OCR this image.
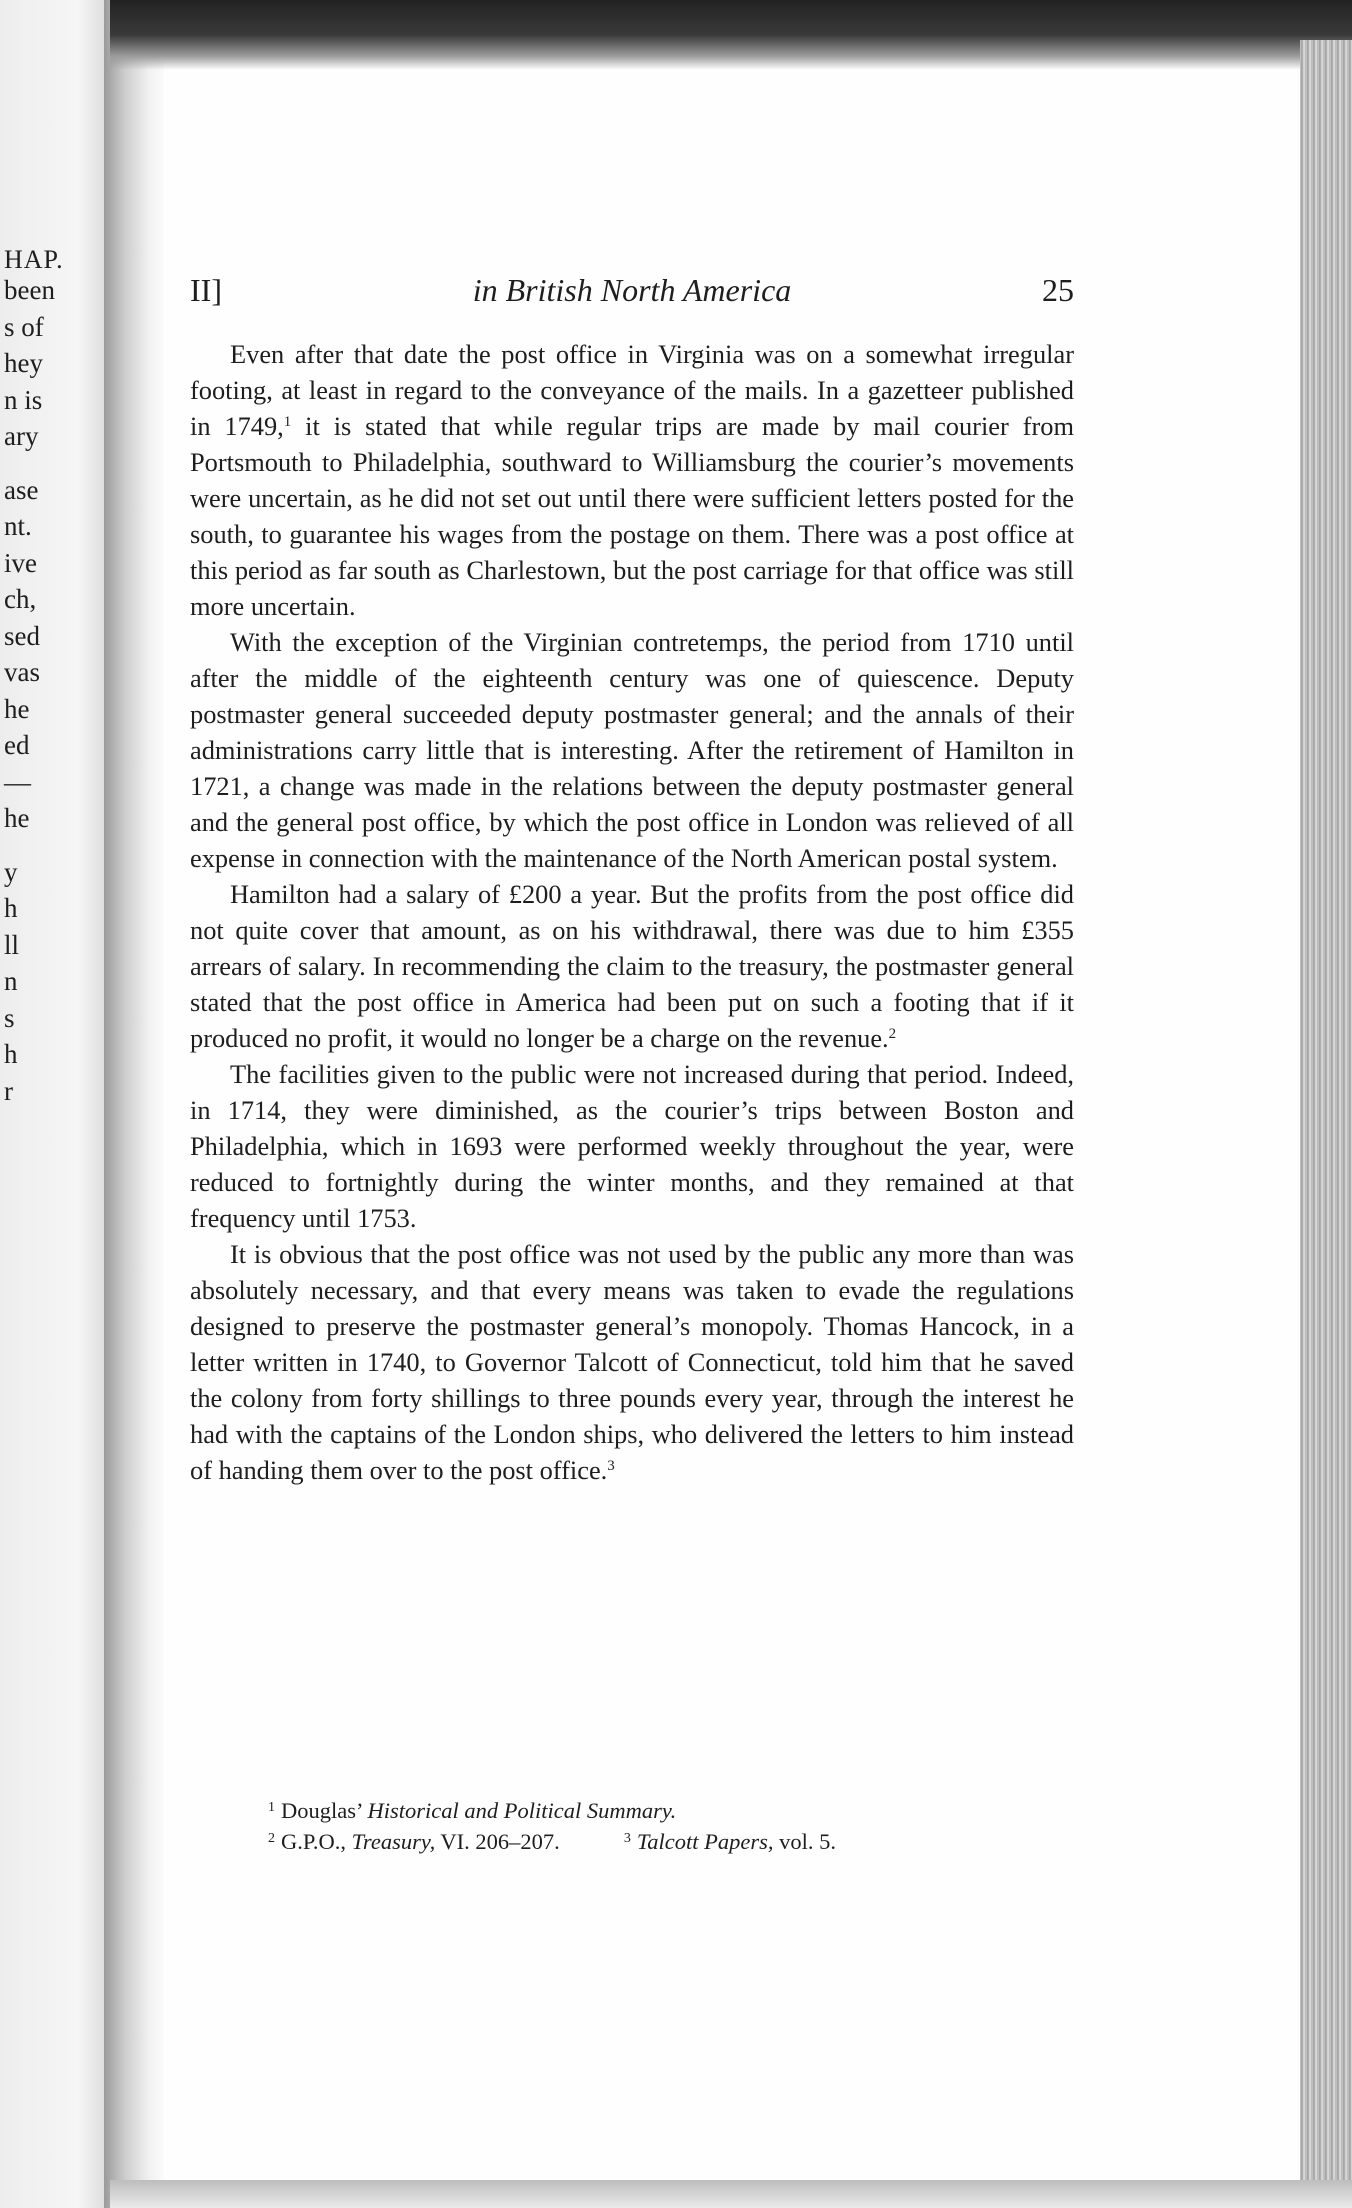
HAP.
been
s of
hey
n is
ary
ase
nt.
ive
ch,
sed
vas
he
ed
—
he
y
h
ll
n
s
h
r
II]	in British North America	25

Even after that date the post office in Virginia was on a somewhat irregular footing, at least in regard to the conveyance of the mails. In a gazetteer published in 1749,$^1$ it is stated that while regular trips are made by mail courier from Portsmouth to Philadelphia, southward to Williamsburg the courier’s movements were uncertain, as he did not set out until there were sufficient letters posted for the south, to guarantee his wages from the postage on them. There was a post office at this period as far south as Charlestown, but the post carriage for that office was still more uncertain.

With the exception of the Virginian contretemps, the period from 1710 until after the middle of the eighteenth century was one of quiescence. Deputy postmaster general succeeded deputy postmaster general; and the annals of their administrations carry little that is interesting. After the retirement of Hamilton in 1721, a change was made in the relations between the deputy postmaster general and the general post office, by which the post office in London was relieved of all expense in connection with the maintenance of the North American postal system.

Hamilton had a salary of £200 a year. But the profits from the post office did not quite cover that amount, as on his withdrawal, there was due to him £355 arrears of salary. In recommending the claim to the treasury, the postmaster general stated that the post office in America had been put on such a footing that if it produced no profit, it would no longer be a charge on the revenue.$^2$

The facilities given to the public were not increased during that period. Indeed, in 1714, they were diminished, as the courier’s trips between Boston and Philadelphia, which in 1693 were performed weekly throughout the year, were reduced to fortnightly during the winter months, and they remained at that frequency until 1753.

It is obvious that the post office was not used by the public any more than was absolutely necessary, and that every means was taken to evade the regulations designed to preserve the postmaster general’s monopoly. Thomas Hancock, in a letter written in 1740, to Governor Talcott of Connecticut, told him that he saved the colony from forty shillings to three pounds every year, through the interest he had with the captains of the London ships, who delivered the letters to him instead of handing them over to the post office.$^3$

$^1$ Douglas’ Historical and Political Summary.
$^2$ G.P.O., Treasury, VI. 206–207.	$^3$ Talcott Papers, vol. 5.
